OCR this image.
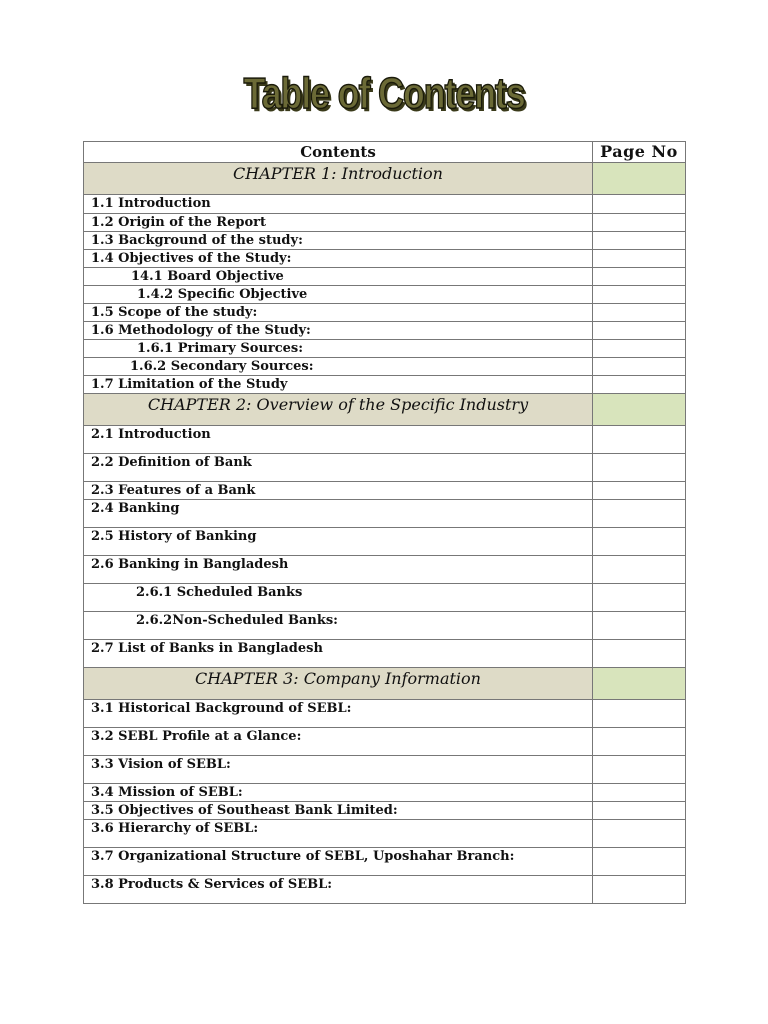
Table of Contents
Contents	Page No
CHAPTER 1: Introduction	
1.1 Introduction	
1.2 Origin of the Report	
1.3 Background of the study:	
1.4 Objectives of the Study:	
14.1 Board Objective	
1.4.2 Specific Objective	
1.5 Scope of the study:	
1.6 Methodology of the Study:	
1.6.1 Primary Sources:	
1.6.2 Secondary Sources:	
1.7 Limitation of the Study	
CHAPTER 2: Overview of the Specific Industry	
2.1 Introduction	
2.2 Definition of Bank	
2.3 Features of a Bank	
2.4 Banking	
2.5 History of Banking	
2.6 Banking in Bangladesh	
2.6.1 Scheduled Banks	
2.6.2Non-Scheduled Banks:	
2.7 List of Banks in Bangladesh	
CHAPTER 3: Company Information	
3.1 Historical Background of SEBL:	
3.2 SEBL Profile at a Glance:	
3.3 Vision of SEBL:	
3.4 Mission of SEBL:	
3.5 Objectives of Southeast Bank Limited:	
3.6 Hierarchy of SEBL:	
3.7 Organizational Structure of SEBL, Uposhahar Branch:	
3.8 Products & Services of SEBL:	
